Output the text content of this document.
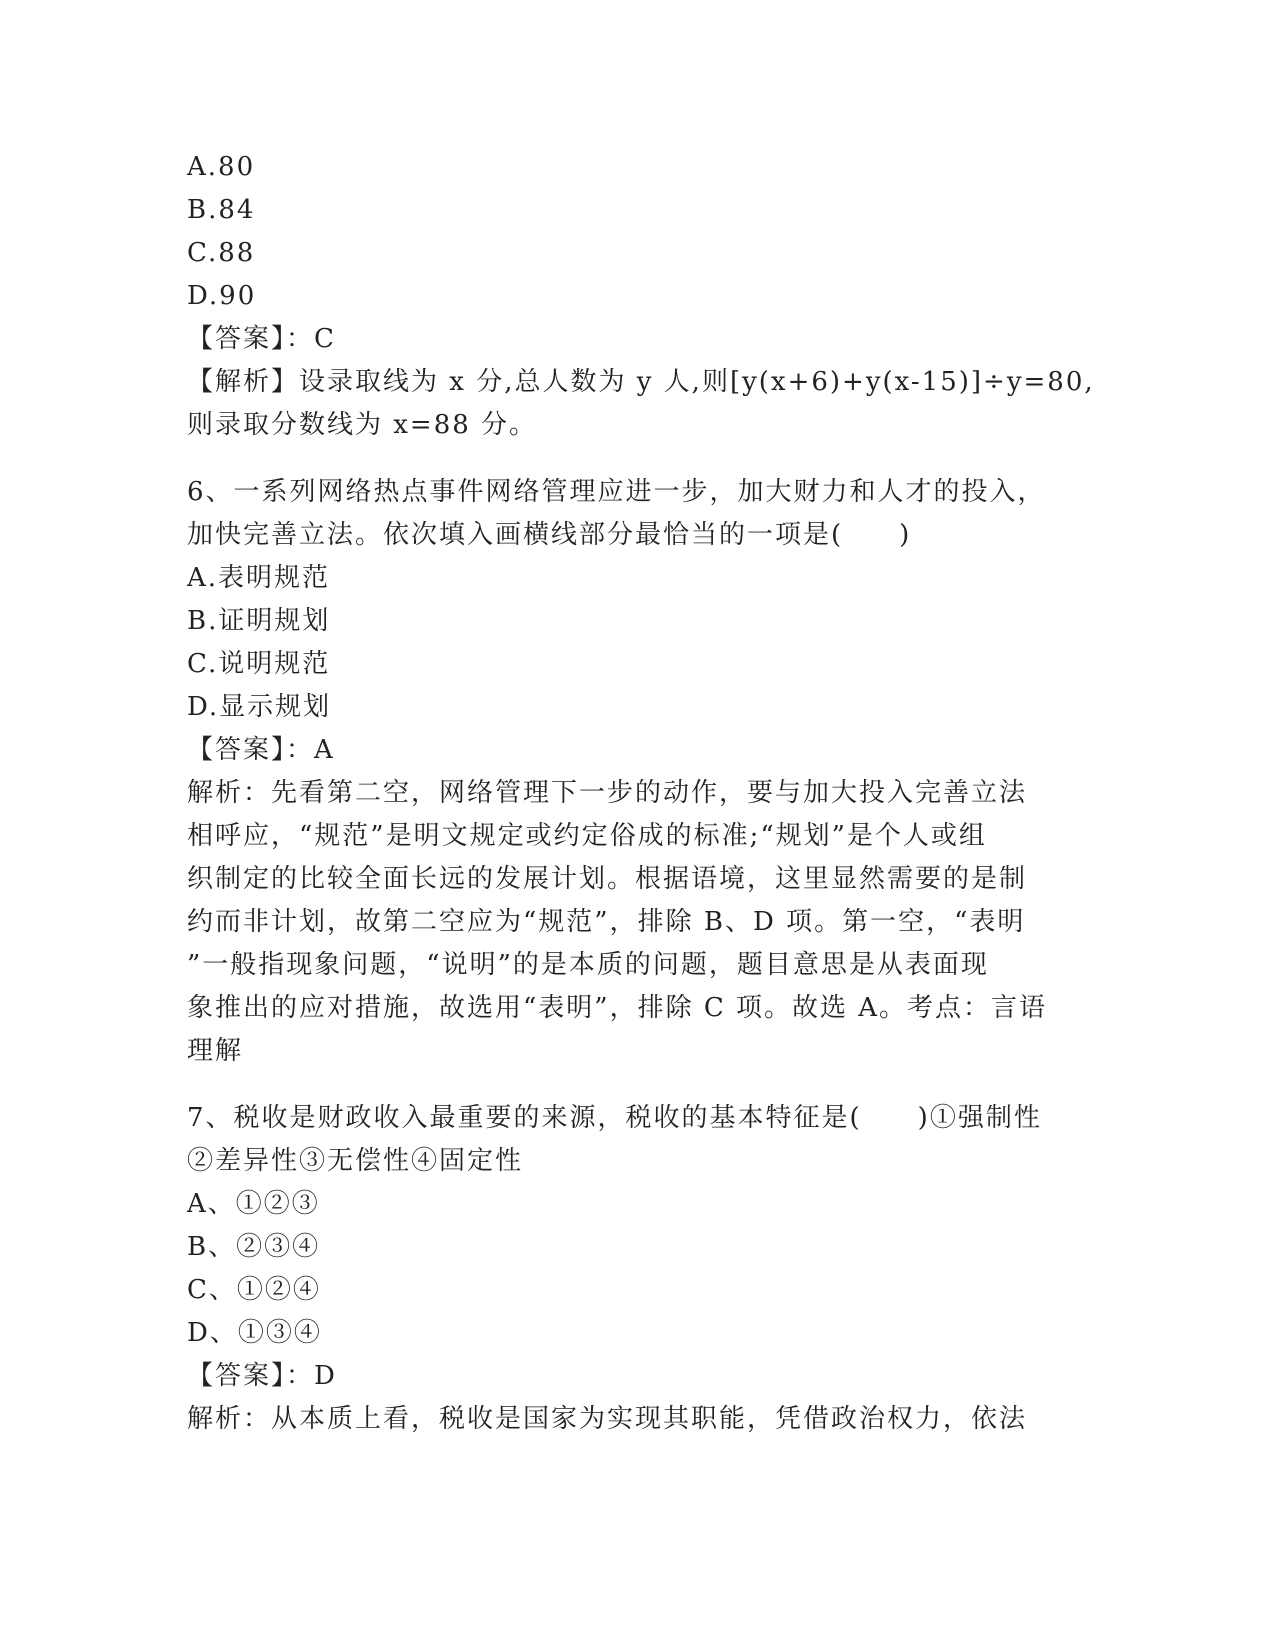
A.80
B.84
C.88
D.90
【答案】：C
【解析】设录取线为 x 分,总人数为 y 人,则[y(x+6)+y(x-15)]÷y=80,
则录取分数线为 x=88 分。
6、一系列网络热点事件网络管理应进一步，加大财力和人才的投入，
加快完善立法。依次填入画横线部分最恰当的一项是(　　)
A.表明规范
B.证明规划
C.说明规范
D.显示规划
【答案】：A
解析：先看第二空，网络管理下一步的动作，要与加大投入完善立法
相呼应，“规范”是明文规定或约定俗成的标准;“规划”是个人或组
织制定的比较全面长远的发展计划。根据语境，这里显然需要的是制
约而非计划，故第二空应为“规范”，排除 B、D 项。第一空，“表明
”一般指现象问题，“说明”的是本质的问题，题目意思是从表面现
象推出的应对措施，故选用“表明”，排除 C 项。故选 A。考点：言语
理解
7、税收是财政收入最重要的来源，税收的基本特征是(　　)①强制性
②差异性③无偿性④固定性
A、①②③
B、②③④
C、①②④
D、①③④
【答案】：D
解析：从本质上看，税收是国家为实现其职能，凭借政治权力，依法
